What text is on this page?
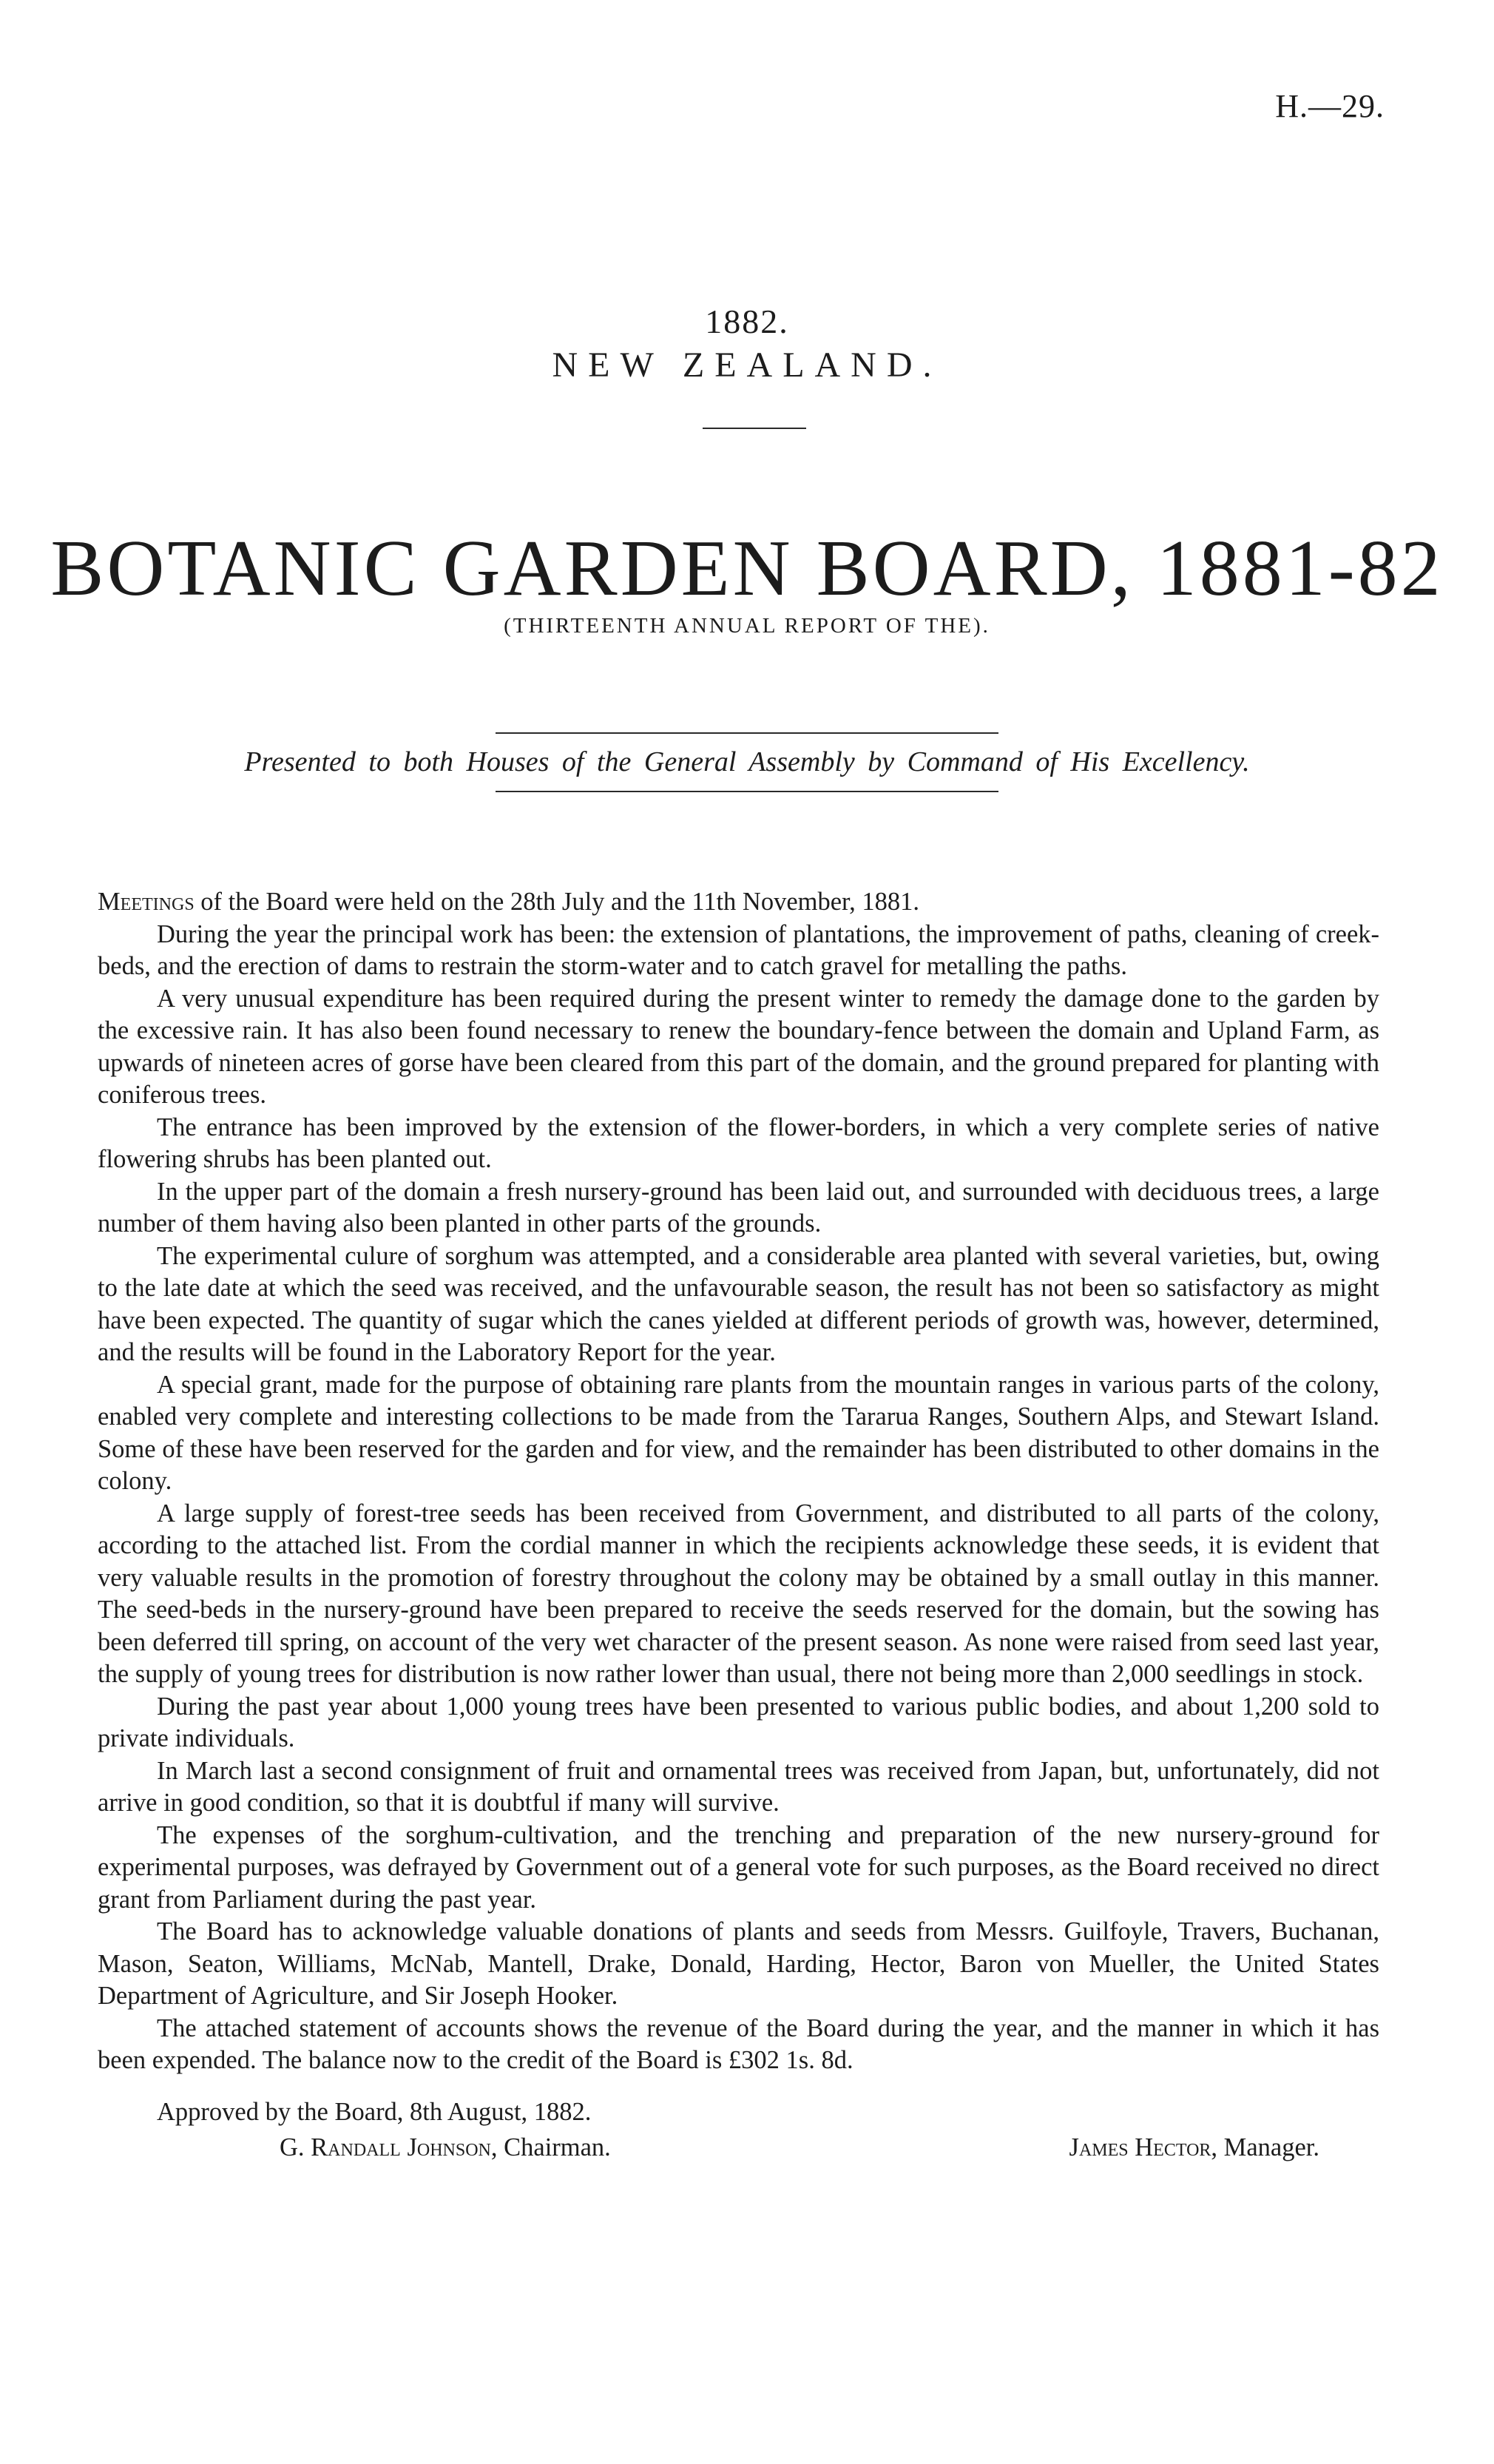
H.—29.
1882.
NEW ZEALAND.
BOTANIC GARDEN BOARD, 1881-82
(THIRTEENTH ANNUAL REPORT OF THE).
Presented to both Houses of the General Assembly by Command of His Excellency.

Meetings of the Board were held on the 28th July and the 11th November, 1881.

During the year the principal work has been: the extension of plantations, the improvement of paths, cleaning of creek-beds, and the erection of dams to restrain the storm-water and to catch gravel for metalling the paths.

A very unusual expenditure has been required during the present winter to remedy the damage done to the garden by the excessive rain. It has also been found necessary to renew the boundary-fence between the domain and Upland Farm, as upwards of nineteen acres of gorse have been cleared from this part of the domain, and the ground prepared for planting with coniferous trees.

The entrance has been improved by the extension of the flower-borders, in which a very complete series of native flowering shrubs has been planted out.

In the upper part of the domain a fresh nursery-ground has been laid out, and surrounded with deciduous trees, a large number of them having also been planted in other parts of the grounds.

The experimental culure of sorghum was attempted, and a considerable area planted with several varieties, but, owing to the late date at which the seed was received, and the unfavourable season, the result has not been so satisfactory as might have been expected. The quantity of sugar which the canes yielded at different periods of growth was, however, determined, and the results will be found in the Laboratory Report for the year.

A special grant, made for the purpose of obtaining rare plants from the mountain ranges in various parts of the colony, enabled very complete and interesting collections to be made from the Tararua Ranges, Southern Alps, and Stewart Island. Some of these have been reserved for the garden and for view, and the remainder has been distributed to other domains in the colony.

A large supply of forest-tree seeds has been received from Government, and distributed to all parts of the colony, according to the attached list. From the cordial manner in which the recipients acknowledge these seeds, it is evident that very valuable results in the promotion of forestry throughout the colony may be obtained by a small outlay in this manner. The seed-beds in the nursery-ground have been prepared to receive the seeds reserved for the domain, but the sowing has been deferred till spring, on account of the very wet character of the present season. As none were raised from seed last year, the supply of young trees for distribution is now rather lower than usual, there not being more than 2,000 seedlings in stock.

During the past year about 1,000 young trees have been presented to various public bodies, and about 1,200 sold to private individuals.

In March last a second consignment of fruit and ornamental trees was received from Japan, but, unfortunately, did not arrive in good condition, so that it is doubtful if many will survive.

The expenses of the sorghum-cultivation, and the trenching and preparation of the new nursery-ground for experimental purposes, was defrayed by Government out of a general vote for such purposes, as the Board received no direct grant from Parliament during the past year.

The Board has to acknowledge valuable donations of plants and seeds from Messrs. Guilfoyle, Travers, Buchanan, Mason, Seaton, Williams, McNab, Mantell, Drake, Donald, Harding, Hector, Baron von Mueller, the United States Department of Agriculture, and Sir Joseph Hooker.

The attached statement of accounts shows the revenue of the Board during the year, and the manner in which it has been expended. The balance now to the credit of the Board is £302 1s. 8d.

Approved by the Board, 8th August, 1882.
G. Randall Johnson, Chairman.	James Hector, Manager.
